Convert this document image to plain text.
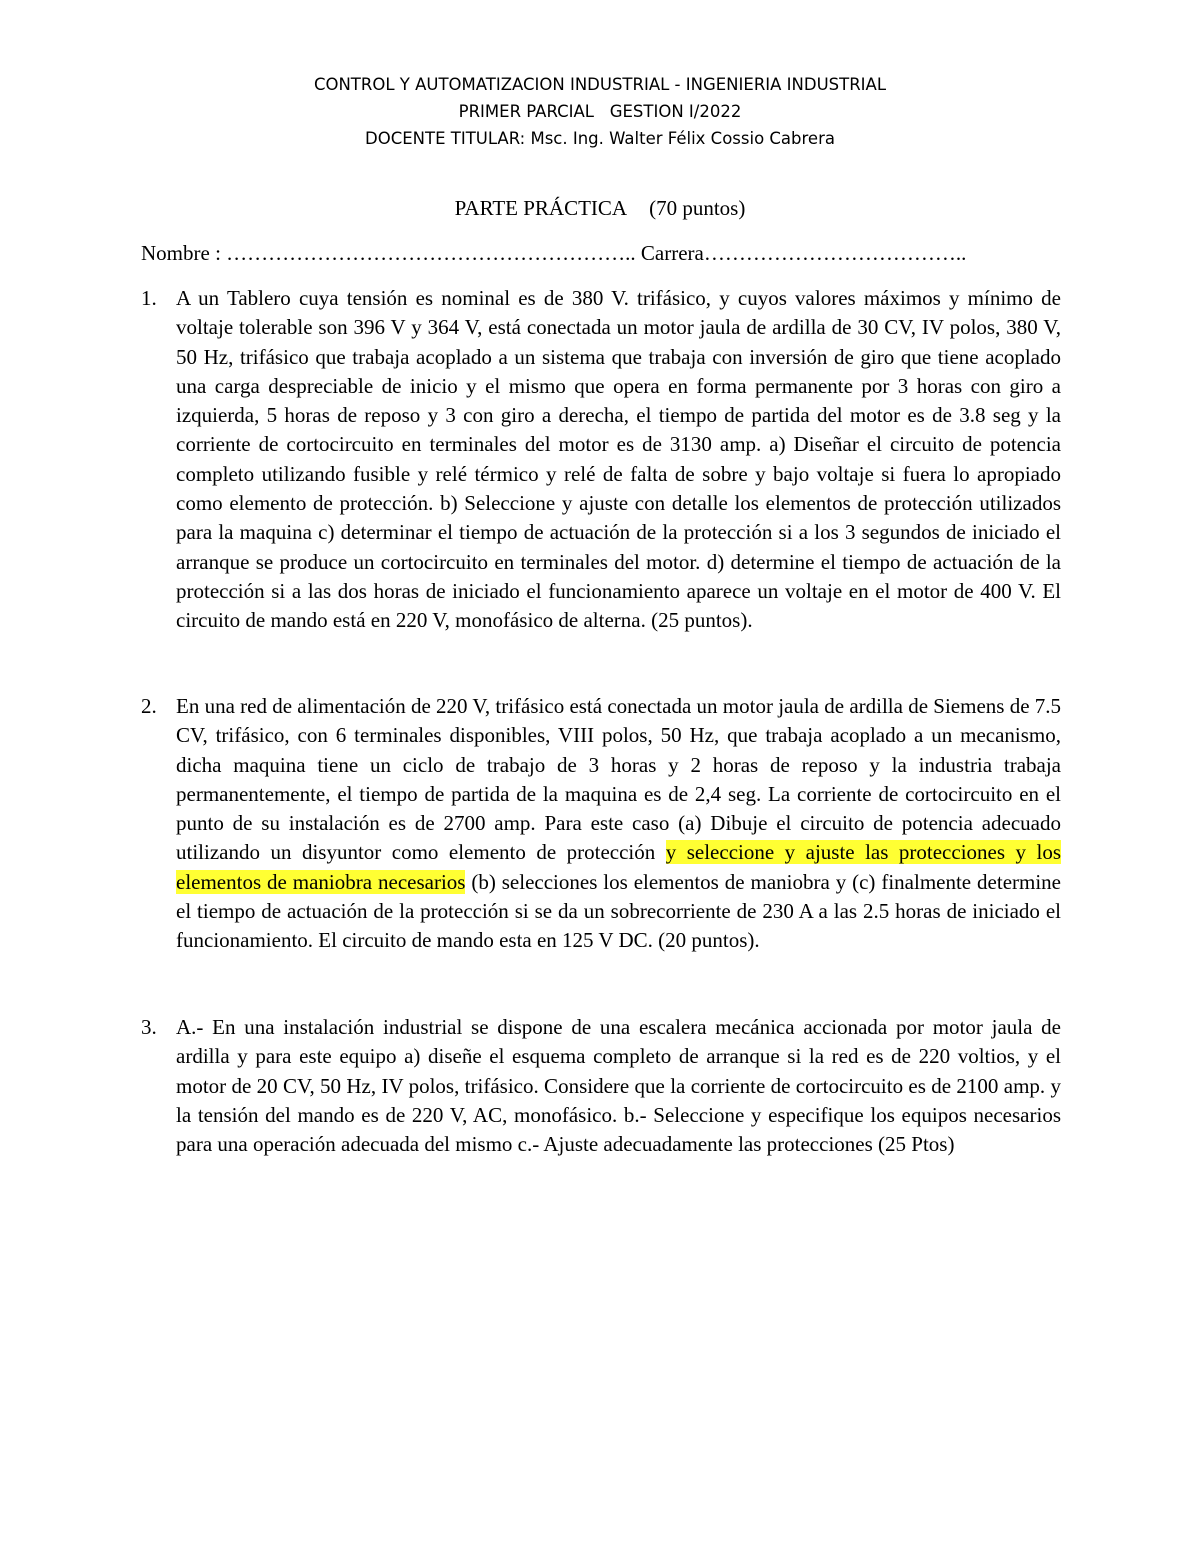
CONTROL Y AUTOMATIZACION INDUSTRIAL - INGENIERIA INDUSTRIAL
PRIMER PARCIAL   GESTION I/2022
DOCENTE TITULAR: Msc. Ing. Walter Félix Cossio Cabrera
PARTE PRÁCTICA (70 puntos)
Nombre : ………………………………………………….. Carrera………………………………..
1. A un Tablero cuya tensión es nominal es de 380 V. trifásico, y cuyos valores máximos y mínimo de voltaje tolerable son 396 V y 364 V, está conectada un motor jaula de ardilla de 30 CV, IV polos, 380 V, 50 Hz, trifásico que trabaja acoplado a un sistema que trabaja con inversión de giro que tiene acoplado una carga despreciable de inicio y el mismo que opera en forma permanente por 3 horas con giro a izquierda, 5 horas de reposo y 3 con giro a derecha, el tiempo de partida del motor es de 3.8 seg y la corriente de cortocircuito en terminales del motor es de 3130 amp. a) Diseñar el circuito de potencia completo utilizando fusible y relé térmico y relé de falta de sobre y bajo voltaje si fuera lo apropiado como elemento de protección. b) Seleccione y ajuste con detalle los elementos de protección utilizados para la maquina c) determinar el tiempo de actuación de la protección si a los 3 segundos de iniciado el arranque se produce un cortocircuito en terminales del motor. d) determine el tiempo de actuación de la protección si a las dos horas de iniciado el funcionamiento aparece un voltaje en el motor de 400 V. El circuito de mando está en 220 V, monofásico de alterna. (25 puntos).
2. En una red de alimentación de 220 V, trifásico está conectada un motor jaula de ardilla de Siemens de 7.5 CV, trifásico, con 6 terminales disponibles, VIII polos, 50 Hz, que trabaja acoplado a un mecanismo, dicha maquina tiene un ciclo de trabajo de 3 horas y 2 horas de reposo y la industria trabaja permanentemente, el tiempo de partida de la maquina es de 2,4 seg. La corriente de cortocircuito en el punto de su instalación es de 2700 amp. Para este caso (a) Dibuje el circuito de potencia adecuado utilizando un disyuntor como elemento de protección y seleccione y ajuste las protecciones y los elementos de maniobra necesarios (b) selecciones los elementos de maniobra y (c) finalmente determine el tiempo de actuación de la protección si se da un sobrecorriente de 230 A a las 2.5 horas de iniciado el funcionamiento. El circuito de mando esta en 125 V DC. (20 puntos).
3. A.- En una instalación industrial se dispone de una escalera mecánica accionada por motor jaula de ardilla y para este equipo a) diseñe el esquema completo de arranque si la red es de 220 voltios, y el motor de 20 CV, 50 Hz, IV polos, trifásico. Considere que la corriente de cortocircuito es de 2100 amp. y la tensión del mando es de 220 V, AC, monofásico. b.- Seleccione y especifique los equipos necesarios para una operación adecuada del mismo c.- Ajuste adecuadamente las protecciones (25 Ptos)
